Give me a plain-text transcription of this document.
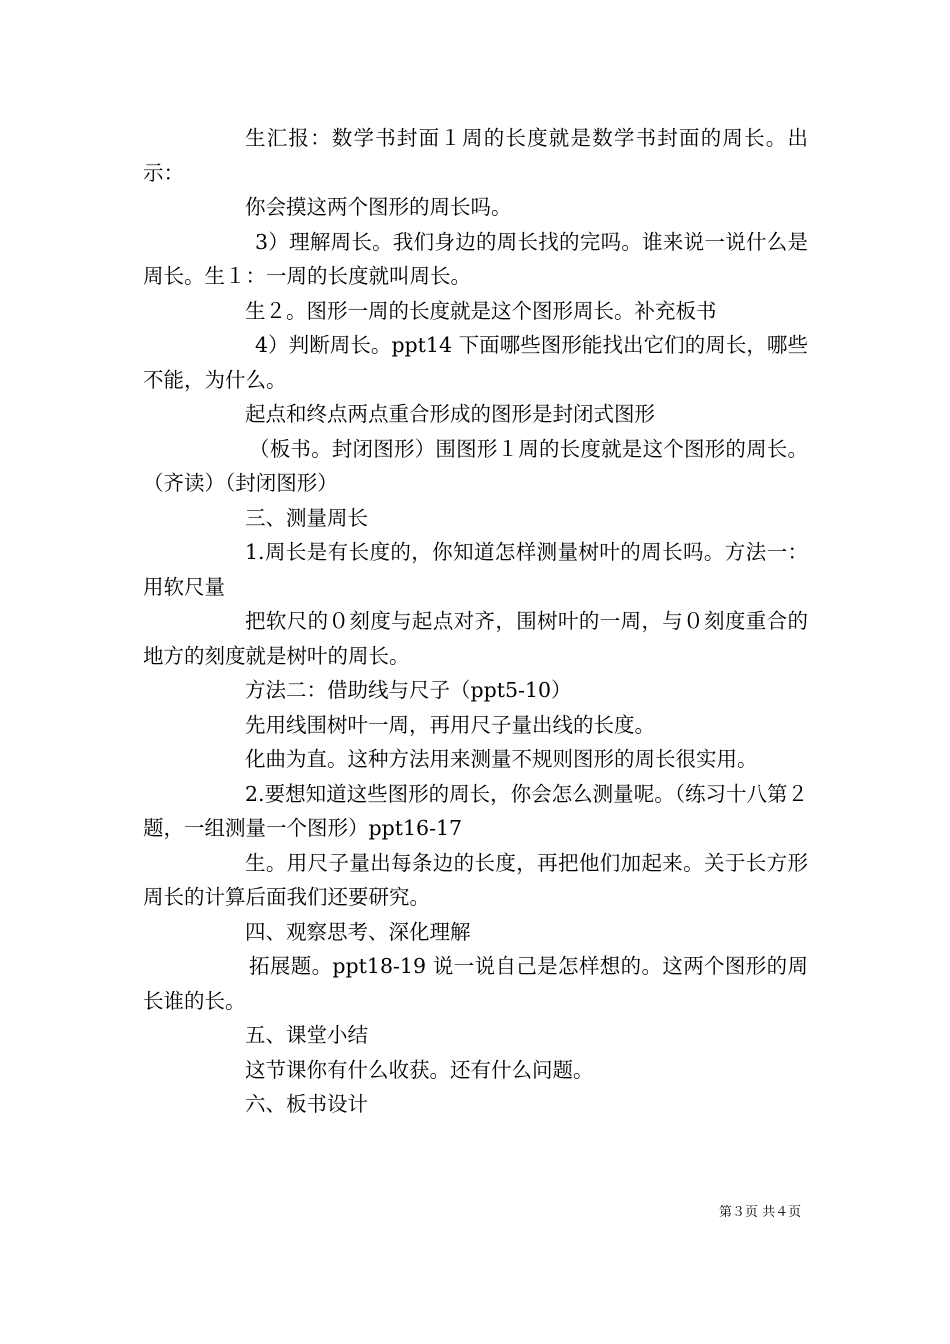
生汇报：数学书封面１周的长度就是数学书封面的周长。出示：

你会摸这两个图形的周长吗。

3）理解周长。我们身边的周长找的完吗。谁来说一说什么是周长。生１：一周的长度就叫周长。

生２。图形一周的长度就是这个图形周长。补充板书

4）判断周长。ppt14 下面哪些图形能找出它们的周长，哪些不能，为什么。

起点和终点两点重合形成的图形是封闭式图形

（板书。封闭图形）围图形１周的长度就是这个图形的周长。（齐读）（封闭图形）

三、测量周长

1.周长是有长度的，你知道怎样测量树叶的周长吗。方法一：用软尺量

把软尺的０刻度与起点对齐，围树叶的一周，与０刻度重合的地方的刻度就是树叶的周长。

方法二：借助线与尺子（ppt5-10）

先用线围树叶一周，再用尺子量出线的长度。

化曲为直。这种方法用来测量不规则图形的周长很实用。

2.要想知道这些图形的周长，你会怎么测量呢。（练习十八第２题，一组测量一个图形）ppt16-17

生。用尺子量出每条边的长度，再把他们加起来。关于长方形周长的计算后面我们还要研究。

四、观察思考、深化理解

拓展题。ppt18-19 说一说自己是怎样想的。这两个图形的周长谁的长。

五、课堂小结

这节课你有什么收获。还有什么问题。

六、板书设计

第３页 共４页
